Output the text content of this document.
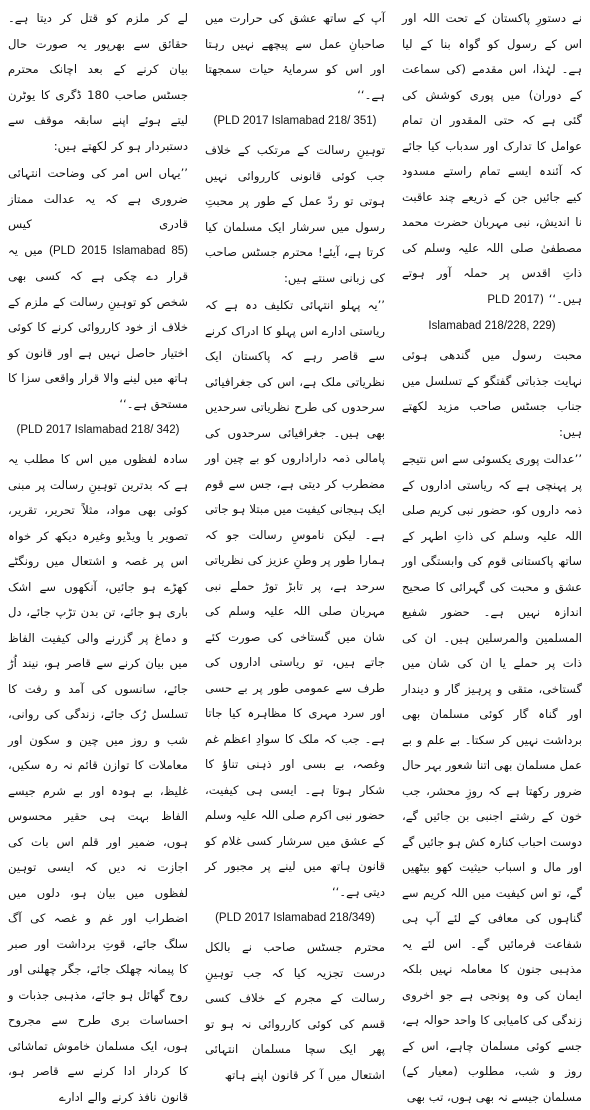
نے دستورِ پاکستان کے تحت اللہ اور اس کے رسول کو گواہ بنا کے لیا ہے۔ لہٰذا، اس مقدمے (کی سماعت کے دوران) میں پوری کوشش کی گئی ہے کہ حتی المقدور ان تمام عوامل کا تدارک اور سدباب کیا جائے کہ آئندہ ایسے تمام راستے مسدود کیے جائیں جن کے ذریعے چند عاقبت نا اندیش، نبی مہربان حضرت محمد مصطفیٰ صلی اللہ علیہ وسلم کی ذاتِ اقدس پر حملہ آور ہوتے ہیں۔‘‘ (PLD 2017

Islamabad 218/228, 229)

محبت رسول میں گندھی ہوئی نہایت جذباتی گفتگو کے تسلسل میں جناب جسٹس صاحب مزید لکھتے ہیں:

’’عدالت پوری یکسوئی سے اس نتیجے پر پہنچی ہے کہ ریاستی اداروں کے ذمہ داروں کو، حضور نبی کریم صلی اللہ علیہ وسلم کی ذاتِ اطہر کے ساتھ پاکستانی قوم کی وابستگی اور عشق و محبت کی گہرائی کا صحیح اندازہ نہیں ہے۔ حضور شفیع المسلمین والمرسلین ہیں۔ ان کی ذات پر حملے یا ان کی شان میں گستاخی، متقی و پرہیز گار و دیندار اور گناہ گار کوئی مسلمان بھی برداشت نہیں کر سکتا۔ بے علم و بے عمل مسلمان بھی اتنا شعور بہر حال ضرور رکھتا ہے کہ روزِ محشر، جب خون کے رشتے اجنبی بن جائیں گے، دوست احباب کنارہ کش ہو جائیں گے اور مال و اسباب حیثیت کھو بیٹھیں گے، تو اس کیفیت میں اللہ کریم سے گناہوں کی معافی کے لئے آپ ہی شفاعت فرمائیں گے۔ اس لئے یہ مذہبی جنون کا معاملہ نہیں بلکہ ایمان کی وہ پونجی ہے جو اخروی زندگی کی کامیابی کا واحد حوالہ ہے، جسے کوئی مسلمان چاہے، اس کے روز و شب، مطلوب (معیار کے) مسلمان جیسے نہ بھی ہوں، تب بھی

آپ کے ساتھ عشق کی حرارت میں صاحبانِ عمل سے پیچھے نہیں رہتا اور اس کو سرمایۂ حیات سمجھتا ہے۔‘‘

(PLD 2017 Islamabad 218/ 351)

توہینِ رسالت کے مرتکب کے خلاف جب کوئی قانونی کارروائی نہیں ہوتی تو ردّ عمل کے طور پر محبتِ رسول میں سرشار ایک مسلمان کیا کرتا ہے، آیئے! محترم جسٹس صاحب کی زبانی سنتے ہیں:

’’یہ پہلو انتہائی تکلیف دہ ہے کہ ریاستی ادارے اس پہلو کا ادراک کرنے سے قاصر رہے کہ پاکستان ایک نظریاتی ملک ہے، اس کی جغرافیائی سرحدوں کی طرح نظریاتی سرحدیں بھی ہیں۔ جغرافیائی سرحدوں کی پامالی ذمہ داراداروں کو بے چین اور مضطرب کر دیتی ہے، جس سے قوم ایک ہیجانی کیفیت میں مبتلا ہو جاتی ہے۔ لیکن ناموسِ رسالت جو کہ ہمارا طور پر وطنِ عزیز کی نظریاتی سرحد ہے، پر تابڑ توڑ حملے نبی مہربان صلی اللہ علیہ وسلم کی شان میں گستاخی کی صورت کئے جاتے ہیں، تو ریاستی اداروں کی طرف سے عمومی طور پر بے حسی اور سرد مہری کا مظاہرہ کیا جاتا ہے۔ جب کہ ملک کا سوادِ اعظم غم وغصہ، بے بسی اور ذہنی تناؤ کا شکار ہوتا ہے۔ ایسی ہی کیفیت، حضور نبی اکرم صلی اللہ علیہ وسلم کے عشق میں سرشار کسی غلام کو قانون ہاتھ میں لینے پر مجبور کر دیتی ہے۔‘‘

(PLD 2017 Islamabad 218/349)

محترم جسٹس صاحب نے بالکل درست تجزیہ کیا کہ جب توہینِ رسالت کے مجرم کے خلاف کسی قسم کی کوئی کارروائی نہ ہو تو پھر ایک سچا مسلمان انتہائی اشتعال میں آ کر قانون اپنے ہاتھ

لے کر ملزم کو قتل کر دیتا ہے۔ حقائق سے بھرپور یہ صورت حال بیان کرنے کے بعد اچانک محترم جسٹس صاحب 180 ڈگری کا یوٹرن لیتے ہوئے اپنے سابقہ موقف سے دستبردار ہو کر لکھتے ہیں:

’’یہاں اس امر کی وضاحت انتہائی ضروری ہے کہ یہ عدالت ممتاز قادری کیس (PLD 2015 Islamabad 85) میں یہ قرار دے چکی ہے کہ کسی بھی شخص کو توہینِ رسالت کے ملزم کے خلاف از خود کارروائی کرنے کا کوئی اختیار حاصل نہیں ہے اور قانون کو ہاتھ میں لینے والا قرار واقعی سزا کا مستحق ہے۔‘‘

(PLD 2017 Islamabad 218/ 342)

سادہ لفظوں میں اس کا مطلب یہ ہے کہ بدترین توہینِ رسالت پر مبنی کوئی بھی مواد، مثلاً تحریر، تقریر، تصویر یا ویڈیو وغیرہ دیکھ کر خواہ اس پر غصہ و اشتعال میں رونگٹے کھڑے ہو جائیں، آنکھوں سے اشک باری ہو جائے، تن بدن تڑپ جائے، دل و دماغ پر گزرنے والی کیفیت الفاظ میں بیان کرنے سے قاصر ہو، نیند اُڑ جائے، سانسوں کی آمد و رفت کا تسلسل رُک جائے، زندگی کی روانی، شب و روز میں چین و سکون اور معاملات کا توازن قائم نہ رہ سکیں، غلیظ، بے ہودہ اور بے شرم جیسے الفاظ بہت ہی حقیر محسوس ہوں، ضمیر اور قلم اس بات کی اجازت نہ دیں کہ ایسی توہین لفظوں میں بیان ہو، دلوں میں اضطراب اور غم و غصہ کی آگ سلگ جائے، قوتِ برداشت اور صبر کا پیمانہ چھلک جائے، جگر چھلنی اور روح گھائل ہو جائے، مذہبی جذبات و احساسات بری طرح سے مجروح ہوں، ایک مسلمان خاموش تماشائی کا کردار ادا کرنے سے قاصر ہو، قانون نافذ کرنے والے ادارے
